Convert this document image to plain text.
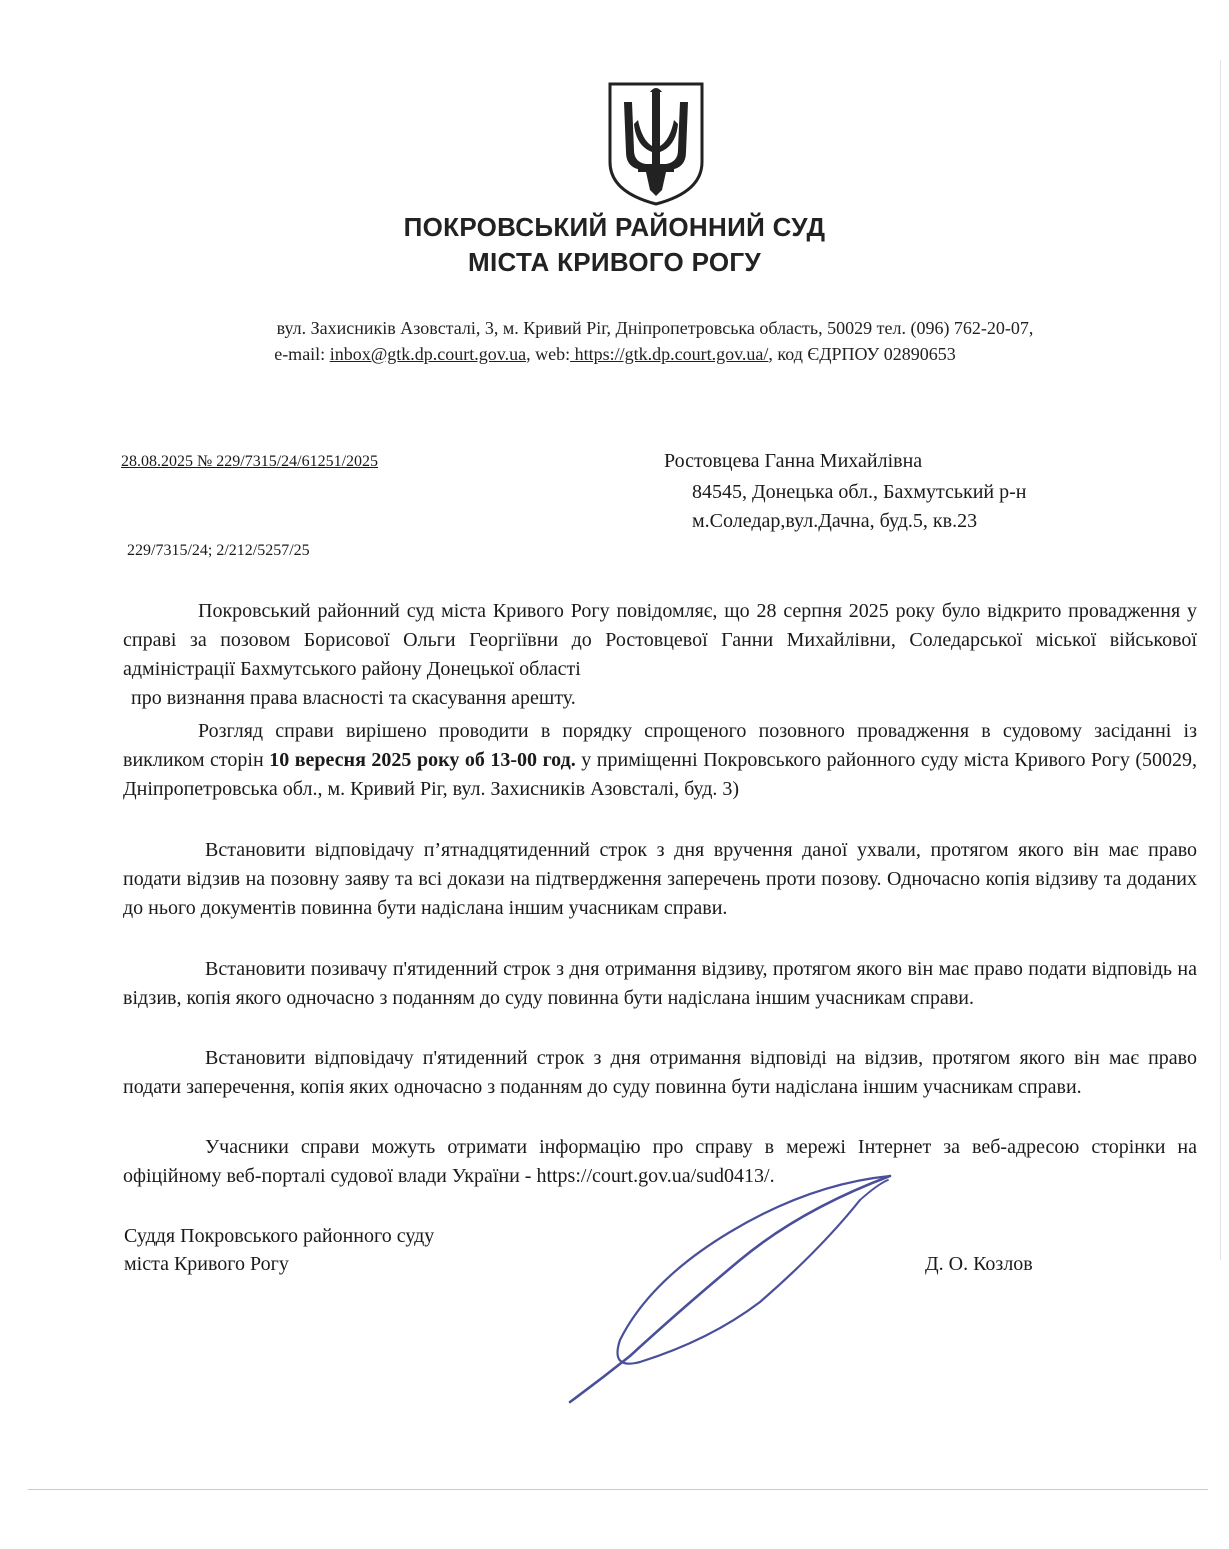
ПОКРОВСЬКИЙ РАЙОННИЙ СУД
МІСТА КРИВОГО РОГУ
вул. Захисників Азовсталі, 3, м. Кривий Ріг, Дніпропетровська область, 50029 тел. (096) 762-20-07,
e-mail: inbox@gtk.dp.court.gov.ua, web: https://gtk.dp.court.gov.ua/, код ЄДРПОУ 02890653
28.08.2025 № 229/7315/24/61251/2025
229/7315/24; 2/212/5257/25
Ростовцева Ганна Михайлівна
84545, Донецька обл., Бахмутський р-н
м.Соледар,вул.Дачна, буд.5, кв.23

Покровський районний суд міста Кривого Рогу повідомляє, що 28 серпня 2025 року було відкрито провадження у справі за позовом Борисової Ольги Георгіївни до Ростовцевої Ганни Михайлівни, Соледарської міської військової адміністрації Бахмутського району Донецької області

про визнання права власності та скасування арешту.

Розгляд справи вирішено проводити в порядку спрощеного позовного провадження в судовому засіданні із викликом сторін 10 вересня 2025 року об 13-00 год. у приміщенні Покровського районного суду міста Кривого Рогу (50029, Дніпропетровська обл., м. Кривий Ріг, вул. Захисників Азовсталі, буд. 3)

Встановити відповідачу п’ятнадцятиденний строк з дня вручення даної ухвали, протягом якого він має право подати відзив на позовну заяву та всі докази на підтвердження заперечень проти позову. Одночасно копія відзиву та доданих до нього документів повинна бути надіслана іншим учасникам справи.

Встановити позивачу п'ятиденний строк з дня отримання відзиву, протягом якого він має право подати відповідь на відзив, копія якого одночасно з поданням до суду повинна бути надіслана іншим учасникам справи.

Встановити відповідачу п'ятиденний строк з дня отримання відповіді на відзив, протягом якого він має право подати заперечення, копія яких одночасно з поданням до суду повинна бути надіслана іншим учасникам справи.

Учасники справи можуть отримати інформацію про справу в мережі Інтернет за веб-адресою сторінки на офіційному веб-порталі судової влади України - https://court.gov.ua/sud0413/.

Суддя Покровського районного суду
міста Кривого Рогу	Д. О. Козлов
